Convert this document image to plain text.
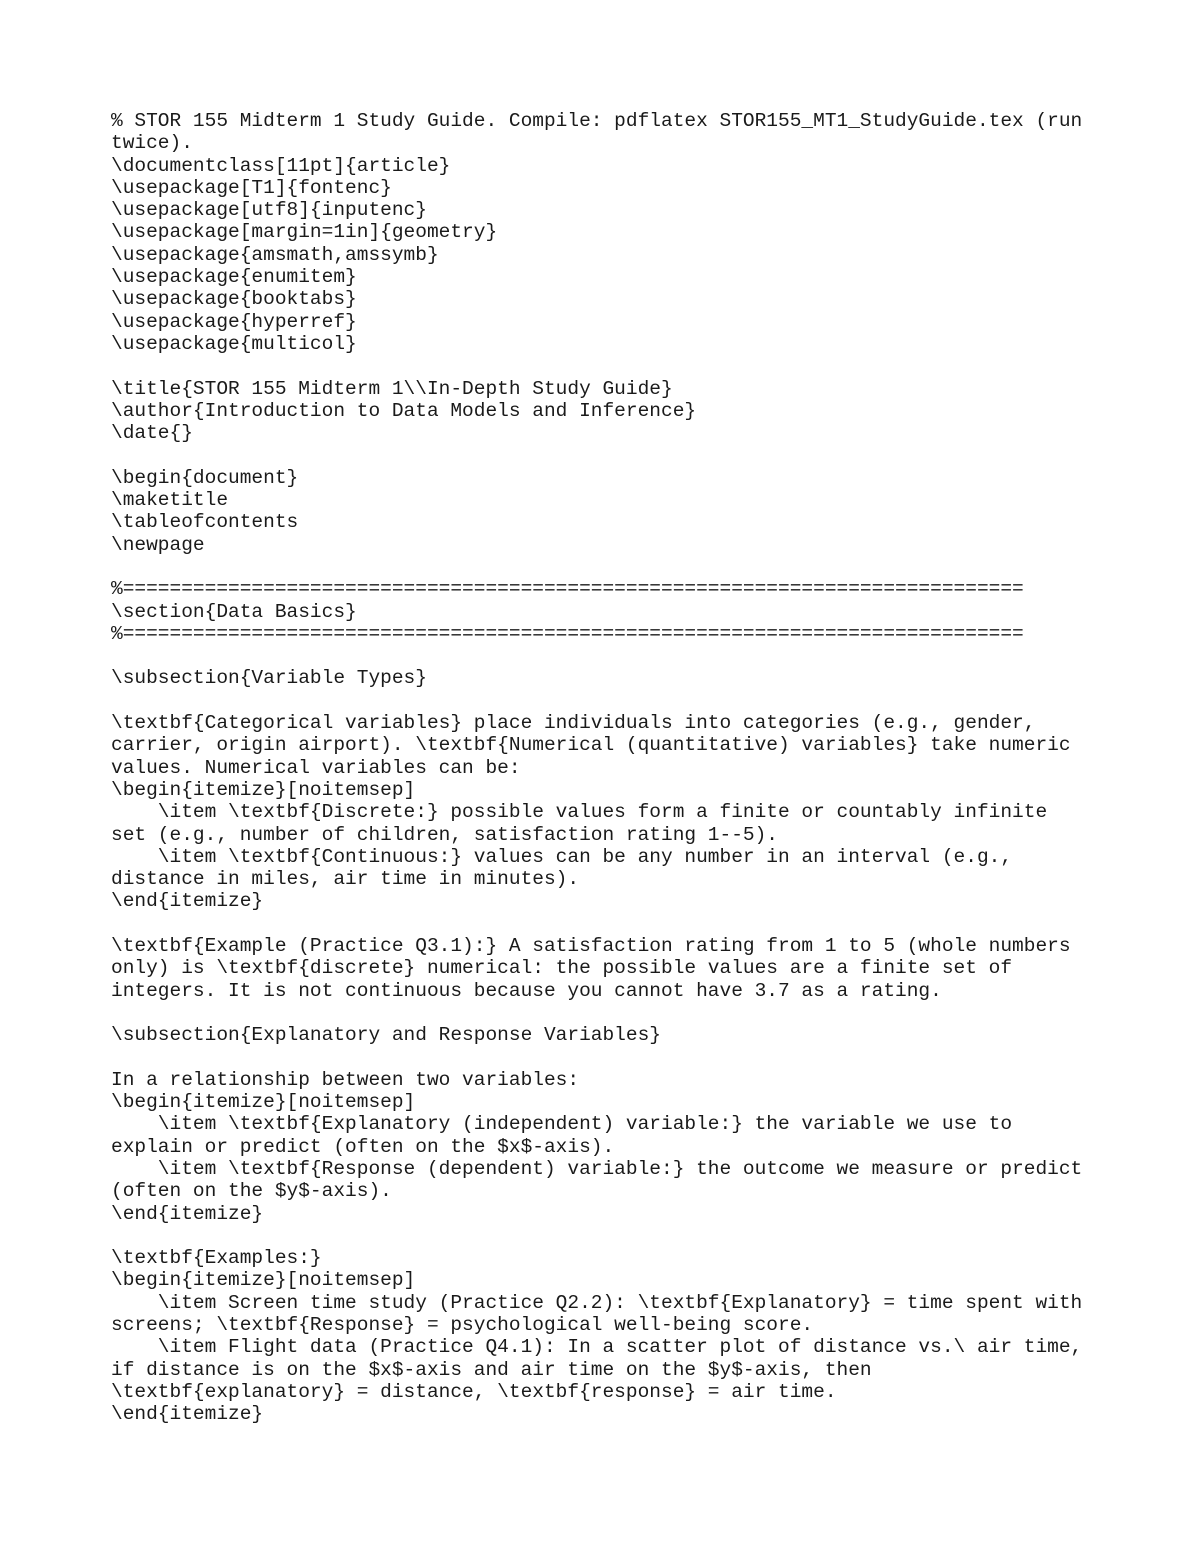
% STOR 155 Midterm 1 Study Guide. Compile: pdflatex STOR155_MT1_StudyGuide.tex (run
twice).
\documentclass[11pt]{article}
\usepackage[T1]{fontenc}
\usepackage[utf8]{inputenc}
\usepackage[margin=1in]{geometry}
\usepackage{amsmath,amssymb}
\usepackage{enumitem}
\usepackage{booktabs}
\usepackage{hyperref}
\usepackage{multicol}
\title{STOR 155 Midterm 1\\In-Depth Study Guide}
\author{Introduction to Data Models and Inference}
\date{}
\begin{document}
\maketitle
\tableofcontents
\newpage
%=============================================================================
\section{Data Basics}
%=============================================================================
\subsection{Variable Types}
\textbf{Categorical variables} place individuals into categories (e.g., gender,
carrier, origin airport). \textbf{Numerical (quantitative) variables} take numeric
values. Numerical variables can be:
\begin{itemize}[noitemsep]
\item \textbf{Discrete:} possible values form a finite or countably infinite
set (e.g., number of children, satisfaction rating 1--5).
\item \textbf{Continuous:} values can be any number in an interval (e.g.,
distance in miles, air time in minutes).
\end{itemize}
\textbf{Example (Practice Q3.1):} A satisfaction rating from 1 to 5 (whole numbers
only) is \textbf{discrete} numerical: the possible values are a finite set of
integers. It is not continuous because you cannot have 3.7 as a rating.
\subsection{Explanatory and Response Variables}
In a relationship between two variables:
\begin{itemize}[noitemsep]
\item \textbf{Explanatory (independent) variable:} the variable we use to
explain or predict (often on the $x$-axis).
\item \textbf{Response (dependent) variable:} the outcome we measure or predict
(often on the $y$-axis).
\end{itemize}
\textbf{Examples:}
\begin{itemize}[noitemsep]
\item Screen time study (Practice Q2.2): \textbf{Explanatory} = time spent with
screens; \textbf{Response} = psychological well-being score.
\item Flight data (Practice Q4.1): In a scatter plot of distance vs.\ air time,
if distance is on the $x$-axis and air time on the $y$-axis, then
\textbf{explanatory} = distance, \textbf{response} = air time.
\end{itemize}
